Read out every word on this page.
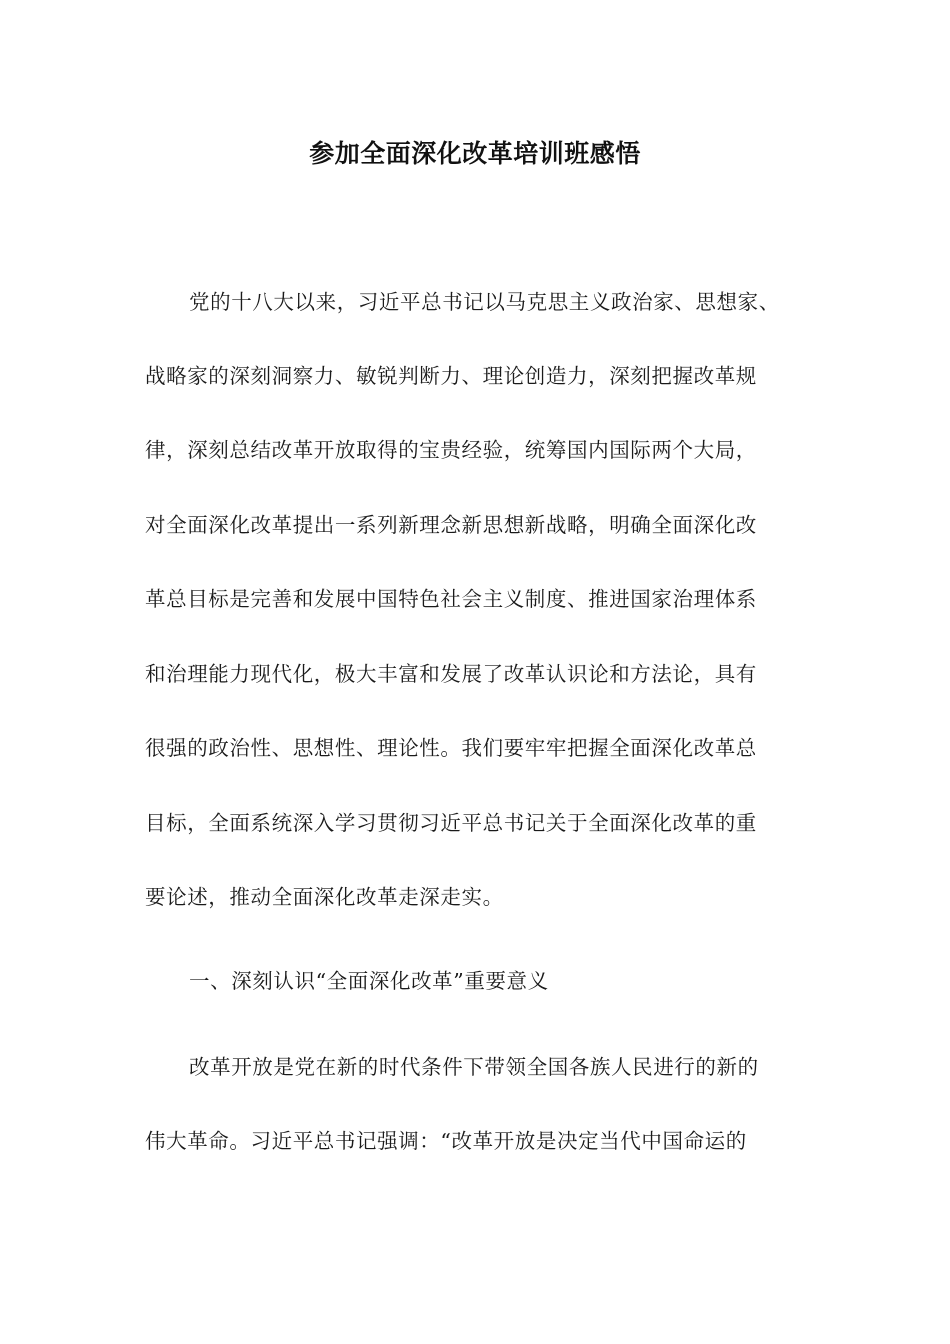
参加全面深化改革培训班感悟

党的十八大以来，习近平总书记以马克思主义政治家、思想家、

战略家的深刻洞察力、敏锐判断力、理论创造力，深刻把握改革规

律，深刻总结改革开放取得的宝贵经验，统筹国内国际两个大局，

对全面深化改革提出一系列新理念新思想新战略，明确全面深化改

革总目标是完善和发展中国特色社会主义制度、推进国家治理体系

和治理能力现代化，极大丰富和发展了改革认识论和方法论，具有

很强的政治性、思想性、理论性。我们要牢牢把握全面深化改革总

目标，全面系统深入学习贯彻习近平总书记关于全面深化改革的重

要论述，推动全面深化改革走深走实。

一、深刻认识“全面深化改革”重要意义

改革开放是党在新的时代条件下带领全国各族人民进行的新的

伟大革命。习近平总书记强调：“改革开放是决定当代中国命运的
